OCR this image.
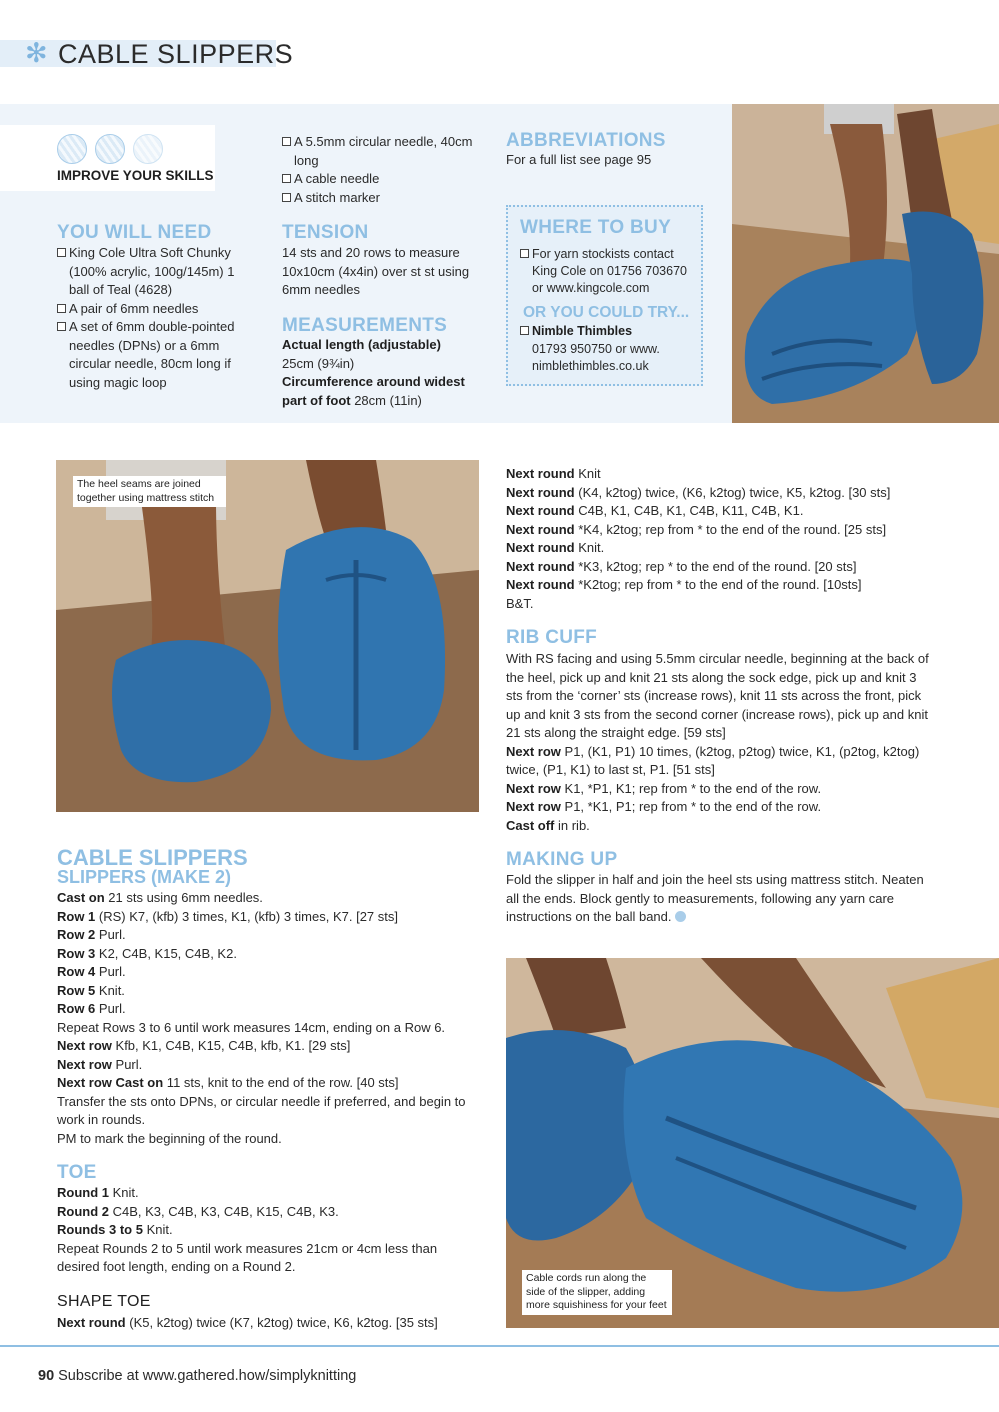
✻ CABLE SLIPPERS
IMPROVE YOUR SKILLS
A 5.5mm circular needle, 40cm long
A cable needle
A stitch marker
YOU WILL NEED
King Cole Ultra Soft Chunky (100% acrylic, 100g/145m) 1 ball of Teal (4628)
A pair of 6mm needles
A set of 6mm double-pointed needles (DPNs) or a 6mm circular needle, 80cm long if using magic loop
TENSION
14 sts and 20 rows to measure 10x10cm (4x4in) over st st using 6mm needles
MEASUREMENTS
Actual length (adjustable)
25cm (9¾in)
Circumference around widest part of foot 28cm (11in)
ABBREVIATIONS
For a full list see page 95
WHERE TO BUY
For yarn stockists contact King Cole on 01756 703670 or www.kingcole.com
OR YOU COULD TRY...
Nimble Thimbles
01793 950750 or www. nimblethimbles.co.uk
The heel seams are joined together using mattress stitch
Cable cords run along the side of the slipper, adding more squishiness for your feet
CABLE SLIPPERS
SLIPPERS (MAKE 2)
Cast on 21 sts using 6mm needles.
Row 1 (RS) K7, (kfb) 3 times, K1, (kfb) 3 times, K7. [27 sts]
Row 2 Purl.
Row 3 K2, C4B, K15, C4B, K2.
Row 4 Purl.
Row 5 Knit.
Row 6 Purl.
Repeat Rows 3 to 6 until work measures 14cm, ending on a Row 6.
Next row Kfb, K1, C4B, K15, C4B, kfb, K1. [29 sts]
Next row Purl.
Next row Cast on 11 sts, knit to the end of the row. [40 sts]
Transfer the sts onto DPNs, or circular needle if preferred, and begin to work in rounds.
PM to mark the beginning of the round.
TOE
Round 1 Knit.
Round 2 C4B, K3, C4B, K3, C4B, K15, C4B, K3.
Rounds 3 to 5 Knit.
Repeat Rounds 2 to 5 until work measures 21cm or 4cm less than desired foot length, ending on a Round 2.
SHAPE TOE
Next round (K5, k2tog) twice (K7, k2tog) twice, K6, k2tog. [35 sts]
Next round Knit
Next round (K4, k2tog) twice, (K6, k2tog) twice, K5, k2tog. [30 sts]
Next round C4B, K1, C4B, K1, C4B, K11, C4B, K1.
Next round *K4, k2tog; rep from * to the end of the round. [25 sts]
Next round Knit.
Next round *K3, k2tog; rep * to the end of the round. [20 sts]
Next round *K2tog; rep from * to the end of the round. [10sts]
B&T.
RIB CUFF
With RS facing and using 5.5mm circular needle, beginning at the back of the heel, pick up and knit 21 sts along the sock edge, pick up and knit 3 sts from the ‘corner’ sts (increase rows), knit 11 sts across the front, pick up and knit 3 sts from the second corner (increase rows), pick up and knit 21 sts along the straight edge. [59 sts]
Next row P1, (K1, P1) 10 times, (k2tog, p2tog) twice, K1, (p2tog, k2tog) twice, (P1, K1) to last st, P1. [51 sts]
Next row K1, *P1, K1; rep from * to the end of the row.
Next row P1, *K1, P1; rep from * to the end of the row.
Cast off in rib.
MAKING UP
Fold the slipper in half and join the heel sts using mattress stitch. Neaten all the ends. Block gently to measurements, following any yarn care instructions on the ball band.
90 Subscribe at www.gathered.how/simplyknitting
